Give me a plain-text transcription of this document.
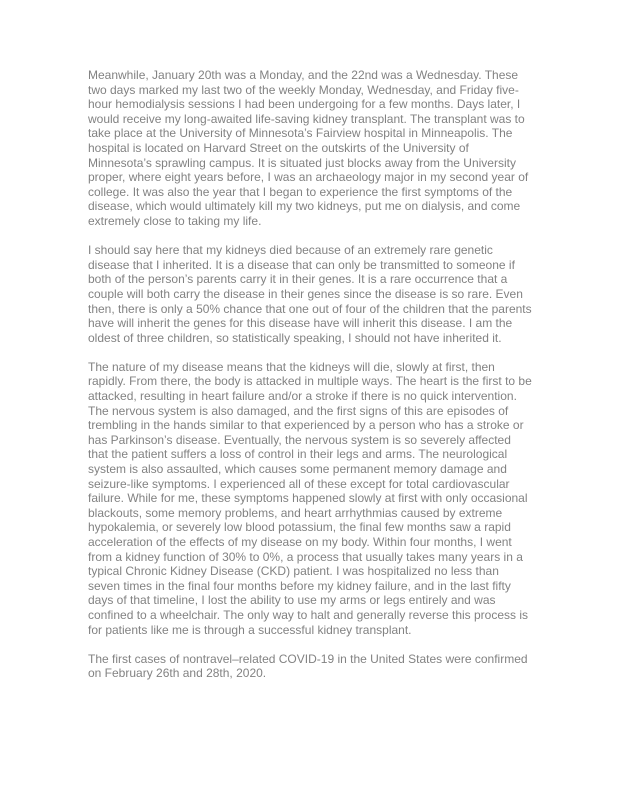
Meanwhile, January 20th was a Monday, and the 22nd was a Wednesday. These two days marked my last two of the weekly Monday, Wednesday, and Friday five-hour hemodialysis sessions I had been undergoing for a few months. Days later, I would receive my long-awaited life-saving kidney transplant. The transplant was to take place at the University of Minnesota’s Fairview hospital in Minneapolis. The hospital is located on Harvard Street on the outskirts of the University of Minnesota’s sprawling campus. It is situated just blocks away from the University proper, where eight years before, I was an archaeology major in my second year of college. It was also the year that I began to experience the first symptoms of the disease, which would ultimately kill my two kidneys, put me on dialysis, and come extremely close to taking my life.

I should say here that my kidneys died because of an extremely rare genetic disease that I inherited. It is a disease that can only be transmitted to someone if both of the person’s parents carry it in their genes. It is a rare occurrence that a couple will both carry the disease in their genes since the disease is so rare. Even then, there is only a 50% chance that one out of four of the children that the parents have will inherit the genes for this disease have will inherit this disease. I am the oldest of three children, so statistically speaking, I should not have inherited it.

The nature of my disease means that the kidneys will die, slowly at first, then rapidly. From there, the body is attacked in multiple ways. The heart is the first to be attacked, resulting in heart failure and/or a stroke if there is no quick intervention. The nervous system is also damaged, and the first signs of this are episodes of trembling in the hands similar to that experienced by a person who has a stroke or has Parkinson’s disease. Eventually, the nervous system is so severely affected that the patient suffers a loss of control in their legs and arms. The neurological system is also assaulted, which causes some permanent memory damage and seizure-like symptoms. I experienced all of these except for total cardiovascular failure. While for me, these symptoms happened slowly at first with only occasional blackouts, some memory problems, and heart arrhythmias caused by extreme hypokalemia, or severely low blood potassium, the final few months saw a rapid acceleration of the effects of my disease on my body. Within four months, I went from a kidney function of 30% to 0%, a process that usually takes many years in a typical Chronic Kidney Disease (CKD) patient. I was hospitalized no less than seven times in the final four months before my kidney failure, and in the last fifty days of that timeline, I lost the ability to use my arms or legs entirely and was confined to a wheelchair. The only way to halt and generally reverse this process is for patients like me is through a successful kidney transplant.

The first cases of nontravel–related COVID-19 in the United States were confirmed on February 26th and 28th, 2020.
